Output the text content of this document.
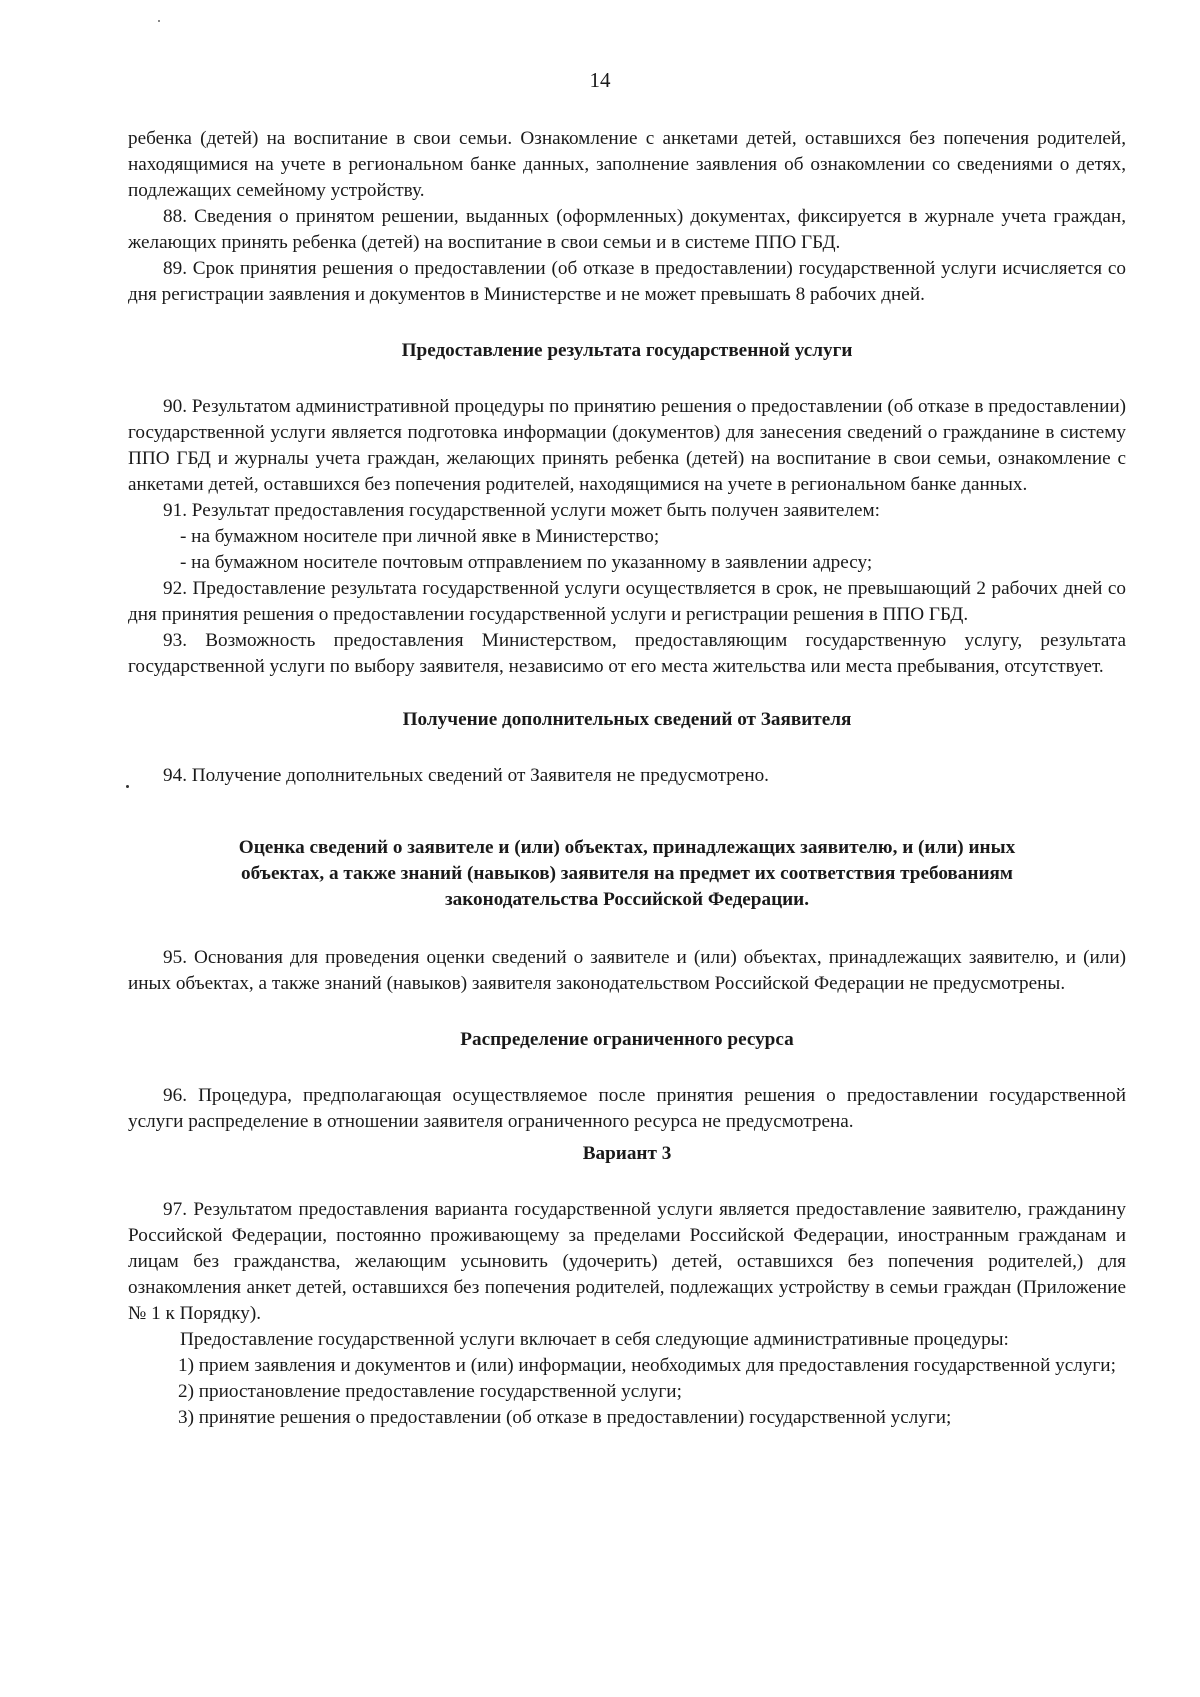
14

ребенка (детей) на воспитание в свои семьи. Ознакомление с анкетами детей, оставшихся без попечения родителей, находящимися на учете в региональном банке данных, заполнение заявления об ознакомлении со сведениями о детях, подлежащих семейному устройству.

88. Сведения о принятом решении, выданных (оформленных) документах, фиксируется в журнале учета граждан, желающих принять ребенка (детей) на воспитание в свои семьи и в системе ППО ГБД.

89. Срок принятия решения о предоставлении (об отказе в предоставлении) государственной услуги исчисляется со дня регистрации заявления и документов в Министерстве и не может превышать 8 рабочих дней.

Предоставление результата государственной услуги

90. Результатом административной процедуры по принятию решения о предоставлении (об отказе в предоставлении) государственной услуги является подготовка информации (документов) для занесения сведений о гражданине в систему ППО ГБД и журналы учета граждан, желающих принять ребенка (детей) на воспитание в свои семьи, ознакомление с анкетами детей, оставшихся без попечения родителей, находящимися на учете в региональном банке данных.

91. Результат предоставления государственной услуги может быть получен заявителем:

- на бумажном носителе при личной явке в Министерство;

- на бумажном носителе почтовым отправлением по указанному в заявлении адресу;

92. Предоставление результата государственной услуги осуществляется в срок, не превышающий 2 рабочих дней со дня принятия решения о предоставлении государственной услуги и регистрации решения в ППО ГБД.

93. Возможность предоставления Министерством, предоставляющим государственную услугу, результата государственной услуги по выбору заявителя, независимо от его места жительства или места пребывания, отсутствует.

Получение дополнительных сведений от Заявителя

94. Получение дополнительных сведений от Заявителя не предусмотрено.

Оценка сведений о заявителе и (или) объектах, принадлежащих заявителю, и (или) иных объектах, а также знаний (навыков) заявителя на предмет их соответствия требованиям законодательства Российской Федерации.

95. Основания для проведения оценки сведений о заявителе и (или) объектах, принадлежащих заявителю, и (или) иных объектах, а также знаний (навыков) заявителя законодательством Российской Федерации не предусмотрены.

Распределение ограниченного ресурса

96. Процедура, предполагающая осуществляемое после принятия решения о предоставлении государственной услуги распределение в отношении заявителя ограниченного ресурса не предусмотрена.

Вариант 3

97. Результатом предоставления варианта государственной услуги является предоставление заявителю, гражданину Российской Федерации, постоянно проживающему за пределами Российской Федерации, иностранным гражданам и лицам без гражданства, желающим усыновить (удочерить) детей, оставшихся без попечения родителей,) для ознакомления анкет детей, оставшихся без попечения родителей, подлежащих устройству в семьи граждан (Приложение № 1 к Порядку).

Предоставление государственной услуги включает в себя следующие административные процедуры:

1) прием заявления и документов и (или) информации, необходимых для предоставления государственной услуги;

2) приостановление предоставление государственной услуги;

3) принятие решения о предоставлении (об отказе в предоставлении) государственной услуги;
